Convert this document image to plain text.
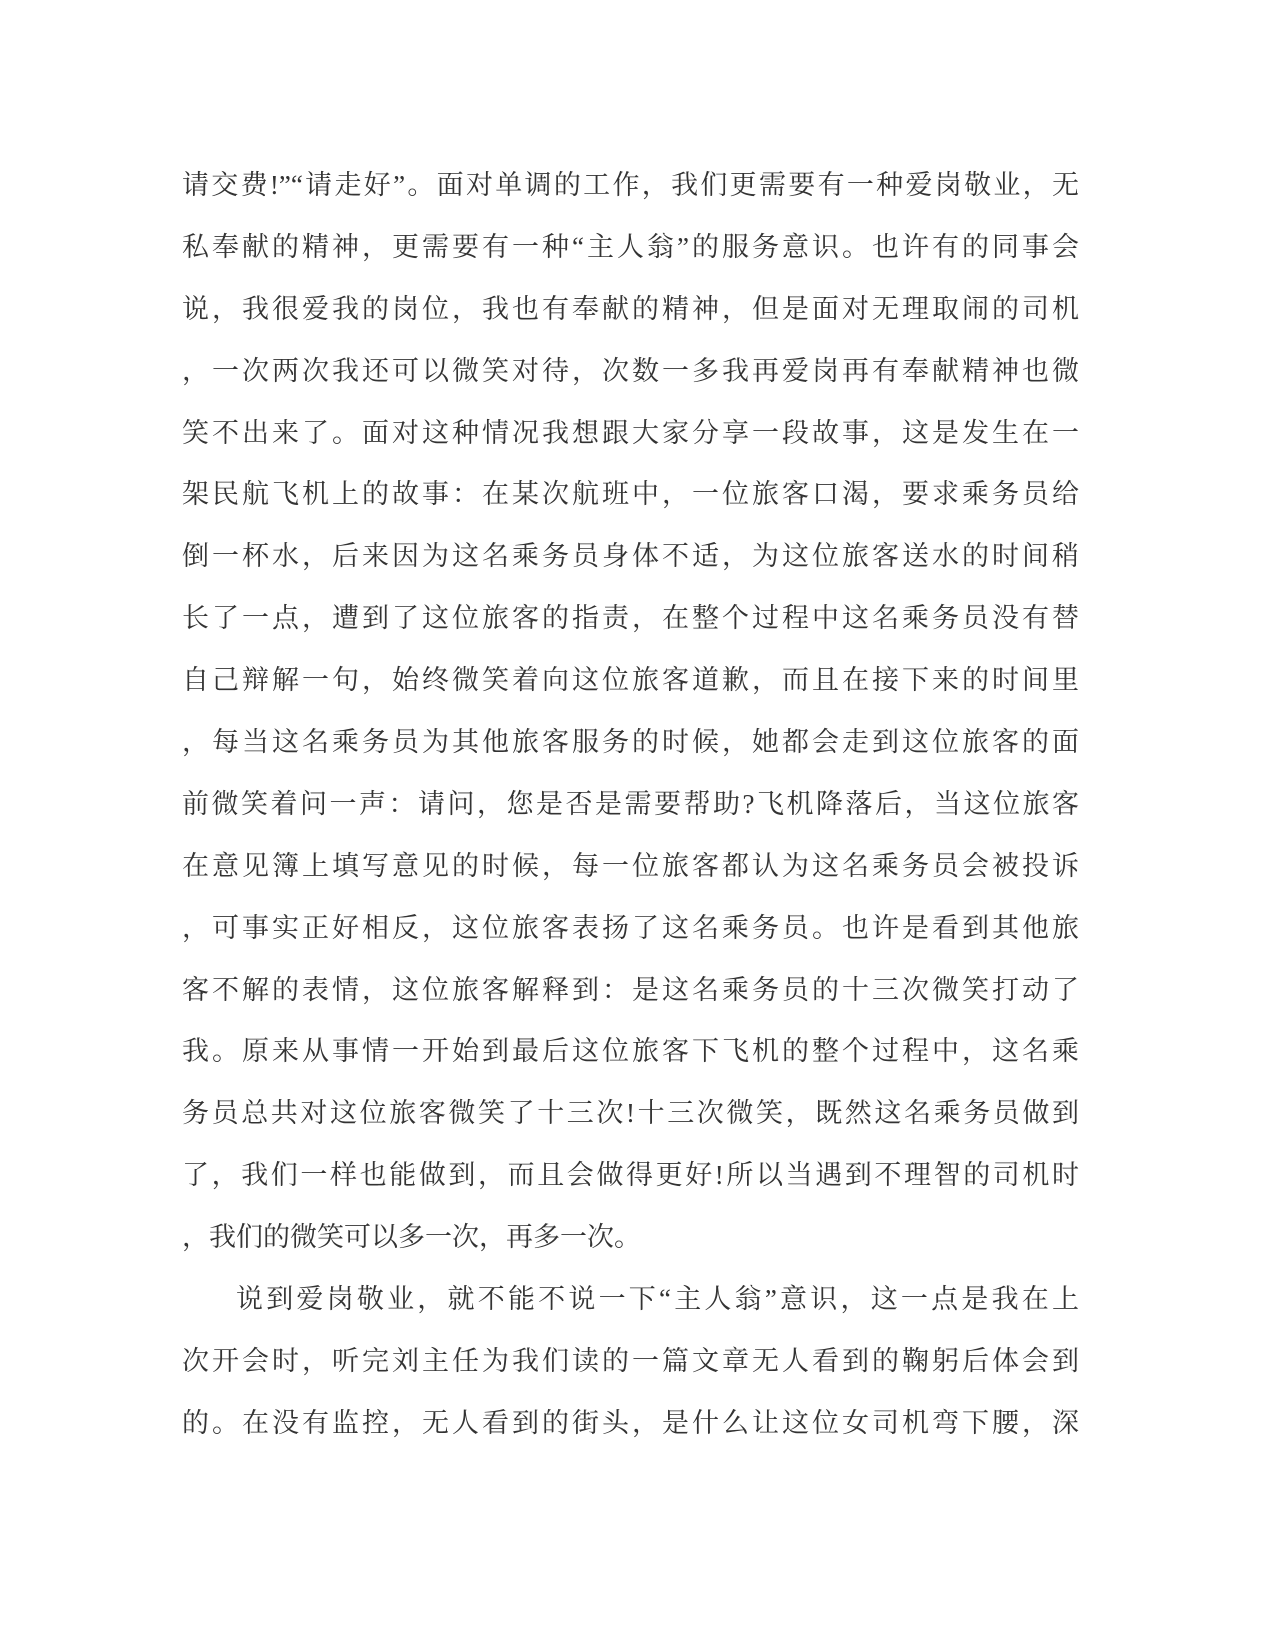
请交费!”“请走好”。面对单调的工作，我们更需要有一种爱岗敬业，无
私奉献的精神，更需要有一种“主人翁”的服务意识。也许有的同事会
说，我很爱我的岗位，我也有奉献的精神，但是面对无理取闹的司机
，一次两次我还可以微笑对待，次数一多我再爱岗再有奉献精神也微
笑不出来了。面对这种情况我想跟大家分享一段故事，这是发生在一
架民航飞机上的故事：在某次航班中，一位旅客口渴，要求乘务员给
倒一杯水，后来因为这名乘务员身体不适，为这位旅客送水的时间稍
长了一点，遭到了这位旅客的指责，在整个过程中这名乘务员没有替
自己辩解一句，始终微笑着向这位旅客道歉，而且在接下来的时间里
，每当这名乘务员为其他旅客服务的时候，她都会走到这位旅客的面
前微笑着问一声：请问，您是否是需要帮助?飞机降落后，当这位旅客
在意见簿上填写意见的时候，每一位旅客都认为这名乘务员会被投诉
，可事实正好相反，这位旅客表扬了这名乘务员。也许是看到其他旅
客不解的表情，这位旅客解释到：是这名乘务员的十三次微笑打动了
我。原来从事情一开始到最后这位旅客下飞机的整个过程中，这名乘
务员总共对这位旅客微笑了十三次!十三次微笑，既然这名乘务员做到
了，我们一样也能做到，而且会做得更好!所以当遇到不理智的司机时
，我们的微笑可以多一次，再多一次。
说到爱岗敬业，就不能不说一下“主人翁”意识，这一点是我在上
次开会时，听完刘主任为我们读的一篇文章无人看到的鞠躬后体会到
的。在没有监控，无人看到的街头，是什么让这位女司机弯下腰，深
